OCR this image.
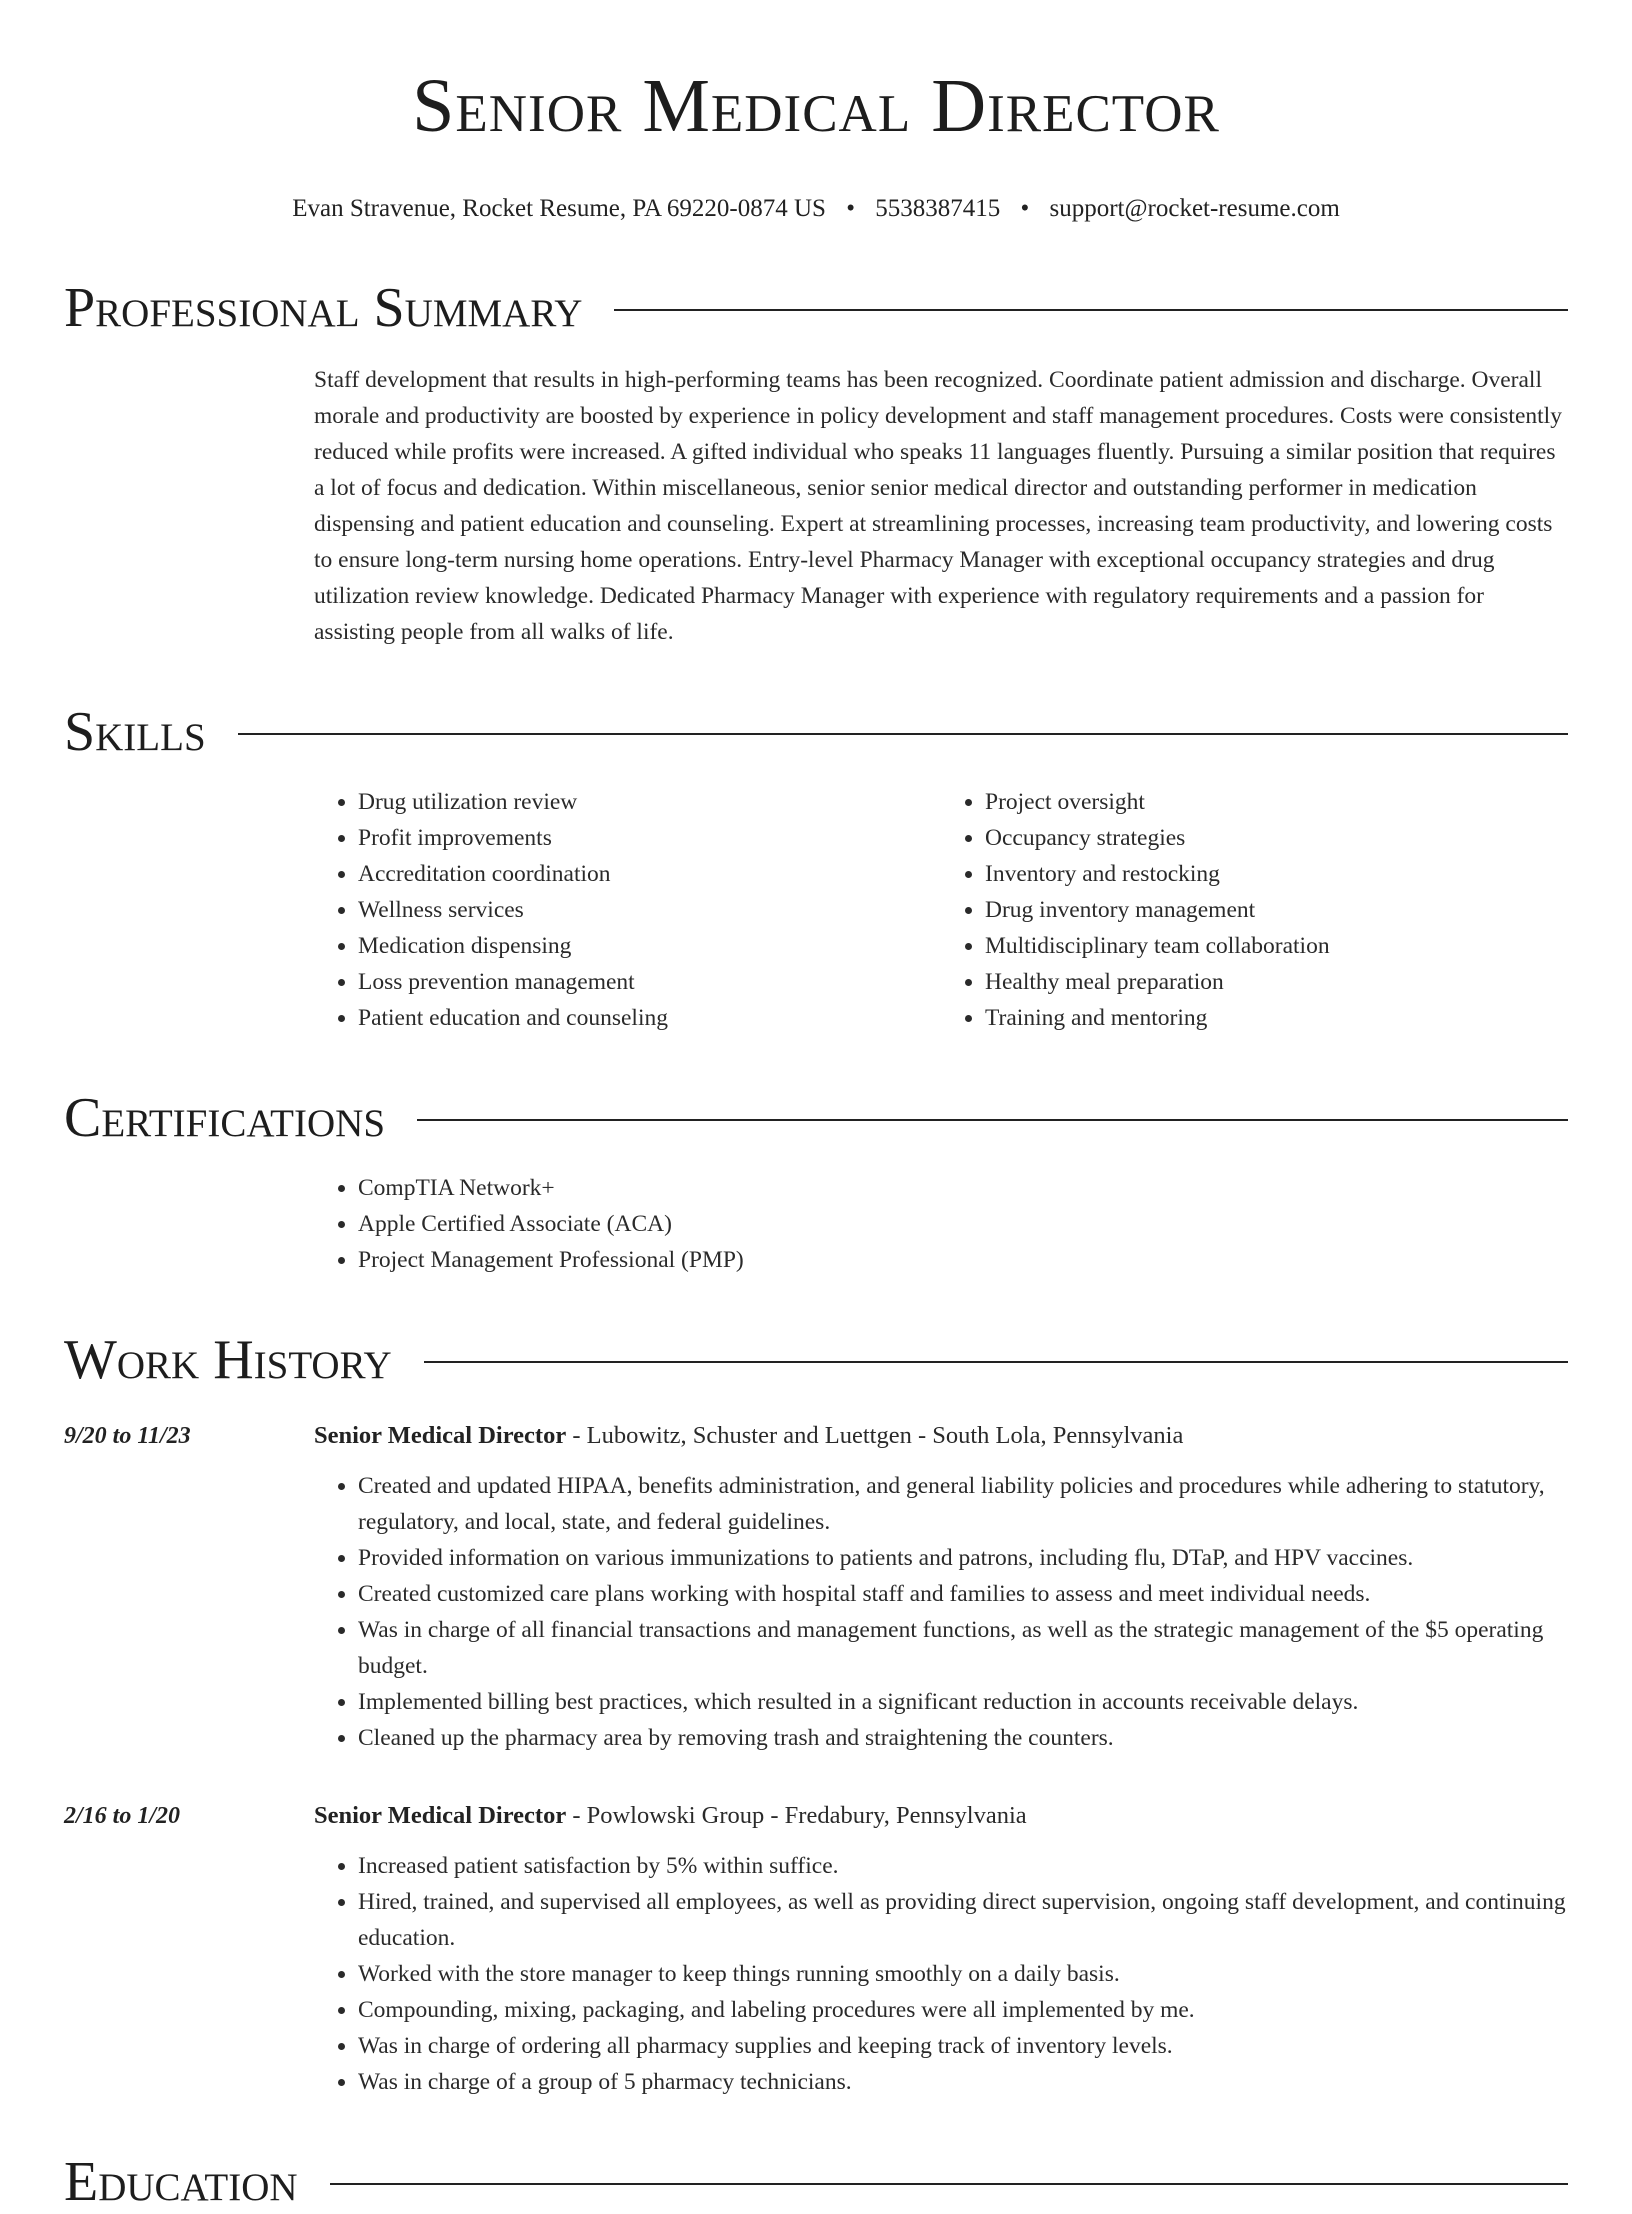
Senior Medical Director
Evan Stravenue, Rocket Resume, PA 69220-0874 US • 5538387415 • support@rocket-resume.com
Professional Summary
Staff development that results in high-performing teams has been recognized. Coordinate patient admission and discharge. Overall morale and productivity are boosted by experience in policy development and staff management procedures. Costs were consistently reduced while profits were increased. A gifted individual who speaks 11 languages fluently. Pursuing a similar position that requires a lot of focus and dedication. Within miscellaneous, senior senior medical director and outstanding performer in medication dispensing and patient education and counseling. Expert at streamlining processes, increasing team productivity, and lowering costs to ensure long-term nursing home operations. Entry-level Pharmacy Manager with exceptional occupancy strategies and drug utilization review knowledge. Dedicated Pharmacy Manager with experience with regulatory requirements and a passion for assisting people from all walks of life.
Skills
• Drug utilization review
• Profit improvements
• Accreditation coordination
• Wellness services
• Medication dispensing
• Loss prevention management
• Patient education and counseling
• Project oversight
• Occupancy strategies
• Inventory and restocking
• Drug inventory management
• Multidisciplinary team collaboration
• Healthy meal preparation
• Training and mentoring
Certifications
• CompTIA Network+
• Apple Certified Associate (ACA)
• Project Management Professional (PMP)
Work History
9/20 to 11/23	Senior Medical Director - Lubowitz, Schuster and Luettgen - South Lola, Pennsylvania
• Created and updated HIPAA, benefits administration, and general liability policies and procedures while adhering to statutory, regulatory, and local, state, and federal guidelines.
• Provided information on various immunizations to patients and patrons, including flu, DTaP, and HPV vaccines.
• Created customized care plans working with hospital staff and families to assess and meet individual needs.
• Was in charge of all financial transactions and management functions, as well as the strategic management of the $5 operating budget.
• Implemented billing best practices, which resulted in a significant reduction in accounts receivable delays.
• Cleaned up the pharmacy area by removing trash and straightening the counters.
2/16 to 1/20	Senior Medical Director - Powlowski Group - Fredabury, Pennsylvania
• Increased patient satisfaction by 5% within suffice.
• Hired, trained, and supervised all employees, as well as providing direct supervision, ongoing staff development, and continuing education.
• Worked with the store manager to keep things running smoothly on a daily basis.
• Compounding, mixing, packaging, and labeling procedures were all implemented by me.
• Was in charge of ordering all pharmacy supplies and keeping track of inventory levels.
• Was in charge of a group of 5 pharmacy technicians.
Education
